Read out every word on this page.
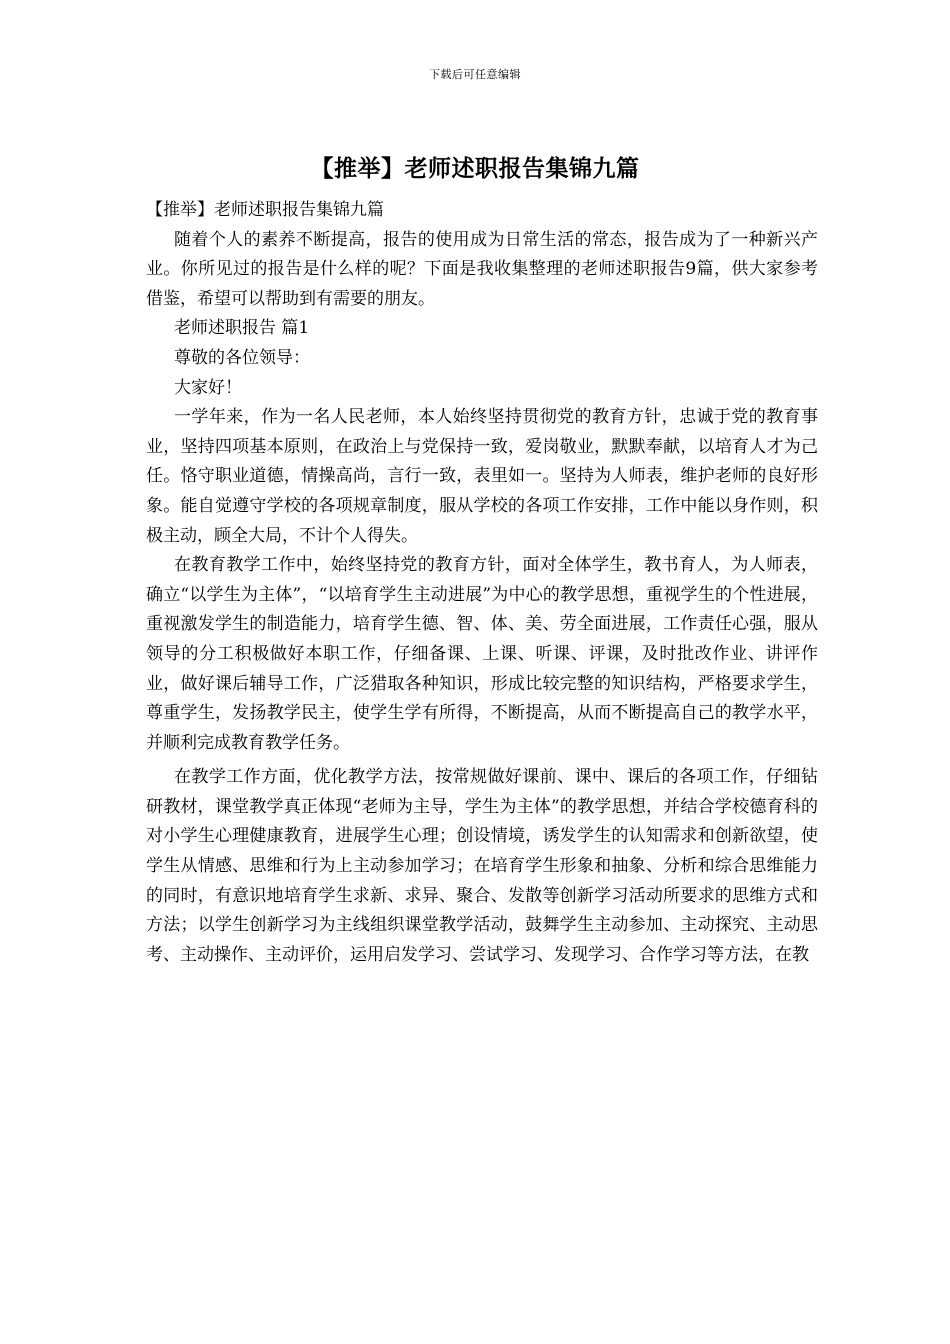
下载后可任意编辑
【推举】老师述职报告集锦九篇

【推举】老师述职报告集锦九篇

随着个人的素养不断提高，报告的使用成为日常生活的常态，报告成为了一种新兴产业。你所见过的报告是什么样的呢？下面是我收集整理的老师述职报告9篇，供大家参考借鉴，希望可以帮助到有需要的朋友。

老师述职报告 篇1

尊敬的各位领导：

大家好！

一学年来，作为一名人民老师，本人始终坚持贯彻党的教育方针，忠诚于党的教育事业，坚持四项基本原则，在政治上与党保持一致，爱岗敬业，默默奉献，以培育人才为己任。恪守职业道德，情操高尚，言行一致，表里如一。坚持为人师表，维护老师的良好形象。能自觉遵守学校的各项规章制度，服从学校的各项工作安排，工作中能以身作则，积极主动，顾全大局，不计个人得失。

在教育教学工作中，始终坚持党的教育方针，面对全体学生，教书育人，为人师表，确立“以学生为主体”，“以培育学生主动进展”为中心的教学思想，重视学生的个性进展，重视激发学生的制造能力，培育学生德、智、体、美、劳全面进展，工作责任心强，服从领导的分工积极做好本职工作，仔细备课、上课、听课、评课，及时批改作业、讲评作业，做好课后辅导工作，广泛猎取各种知识，形成比较完整的知识结构，严格要求学生，尊重学生，发扬教学民主，使学生学有所得，不断提高，从而不断提高自己的教学水平，并顺利完成教育教学任务。

在教学工作方面，优化教学方法，按常规做好课前、课中、课后的各项工作，仔细钻研教材，课堂教学真正体现“老师为主导，学生为主体”的教学思想，并结合学校德育科的对小学生心理健康教育，进展学生心理；创设情境，诱发学生的认知需求和创新欲望，使学生从情感、思维和行为上主动参加学习；在培育学生形象和抽象、分析和综合思维能力的同时，有意识地培育学生求新、求异、聚合、发散等创新学习活动所要求的思维方式和方法；以学生创新学习为主线组织课堂教学活动，鼓舞学生主动参加、主动探究、主动思考、主动操作、主动评价，运用启发学习、尝试学习、发现学习、合作学习等方法，在教
